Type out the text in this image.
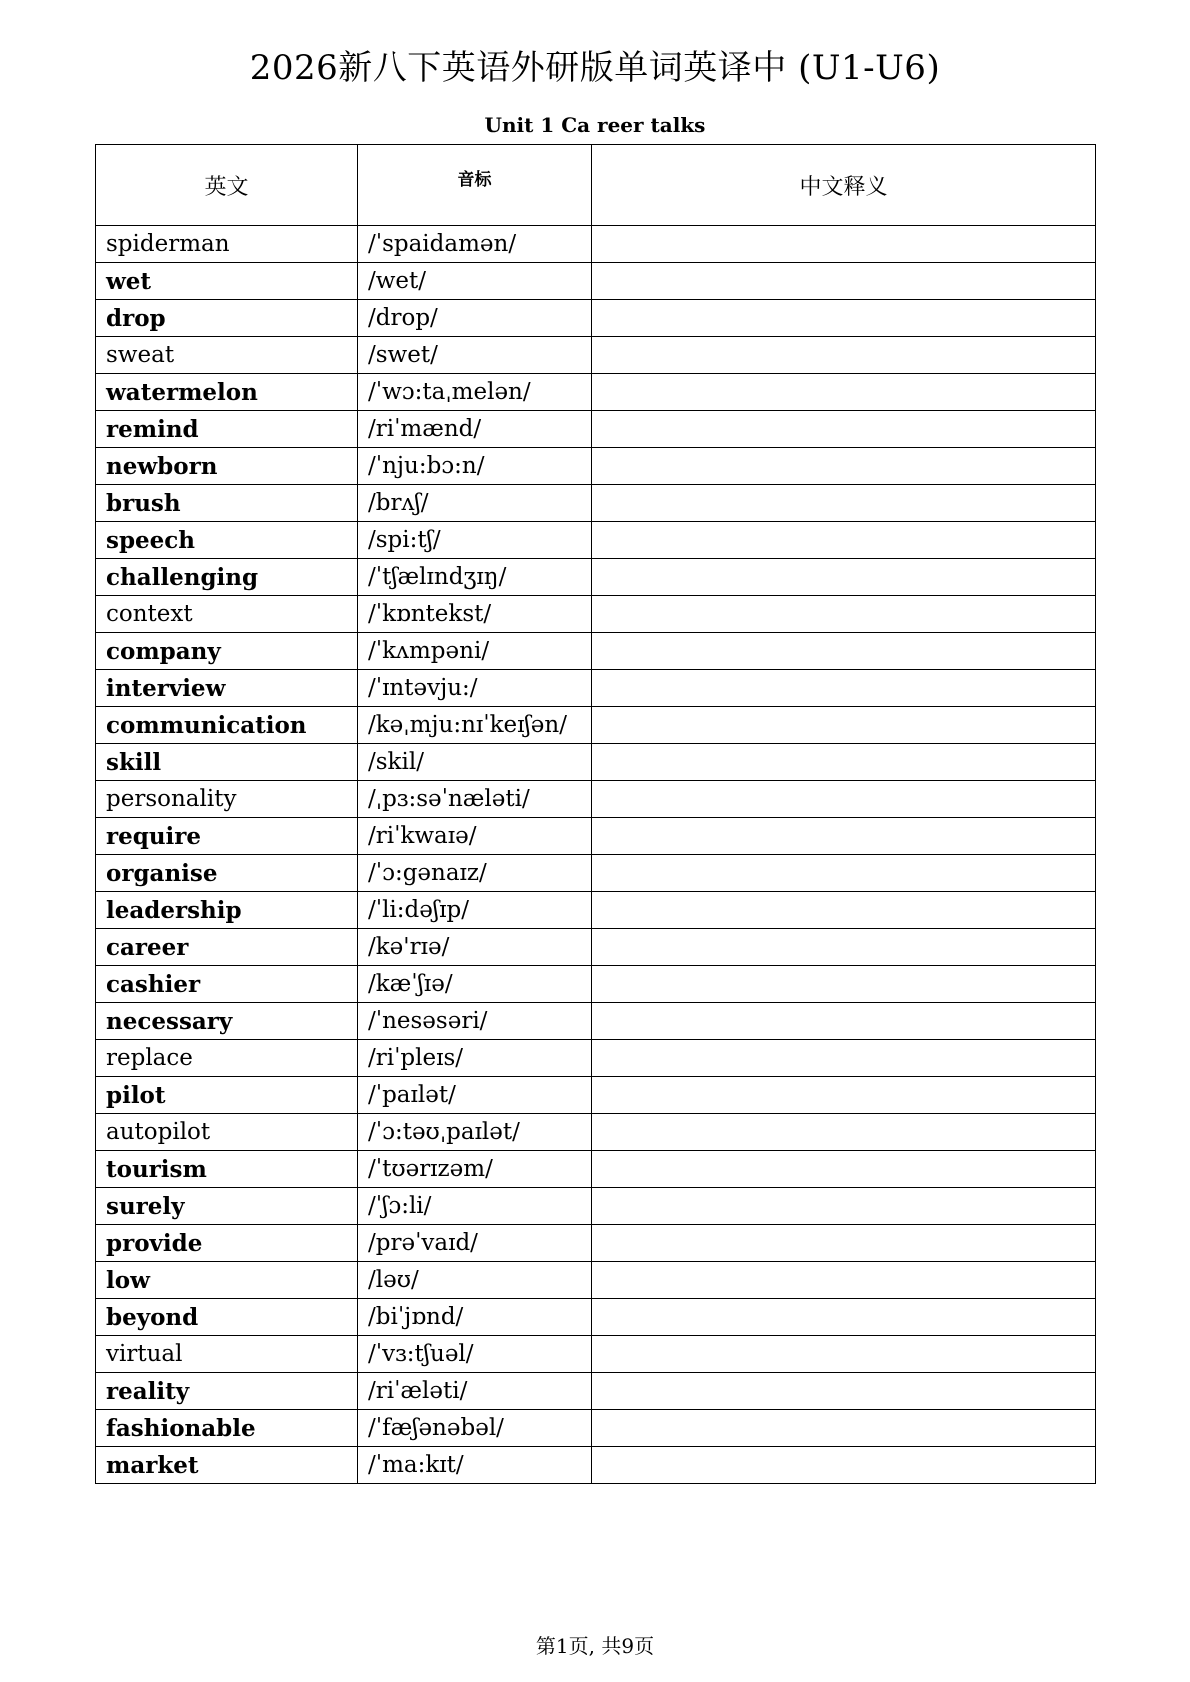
2026新八下英语外研版单词英译中 (U1-U6)
Unit 1 Ca reer talks
英文	音标	中文释义
spiderman	/ˈspaidamən/	
wet	/wet/	
drop	/drop/	
sweat	/swet/	
watermelon	/ˈwɔ:taˌmelən/	
remind	/riˈmænd/	
newborn	/ˈnju:bɔ:n/	
brush	/brʌʃ/	
speech	/spi:tʃ/	
challenging	/ˈtʃælɪndʒɪŋ/	
context	/ˈkɒntekst/	
company	/ˈkʌmpəni/	
interview	/ˈɪntəvju:/	
communication	/kəˌmju:nɪˈkeɪʃən/	
skill	/skil/	
personality	/ˌpɜ:səˈnæləti/	
require	/riˈkwaɪə/	
organise	/ˈɔ:gənaɪz/	
leadership	/ˈli:dəʃɪp/	
career	/kə'rɪə/	
cashier	/kæˈʃɪə/	
necessary	/ˈnesəsəri/	
replace	/riˈpleɪs/	
pilot	/ˈpaɪlət/	
autopilot	/ˈɔ:təʊˌpaɪlət/	
tourism	/ˈtʊərɪzəm/	
surely	/ˈʃɔ:li/	
provide	/prəˈvaɪd/	
low	/ləʊ/	
beyond	/biˈjɒnd/	
virtual	/ˈvɜ:tʃuəl/	
reality	/riˈæləti/	
fashionable	/ˈfæʃənəbəl/	
market	/ˈma:kɪt/	
第1页, 共9页
